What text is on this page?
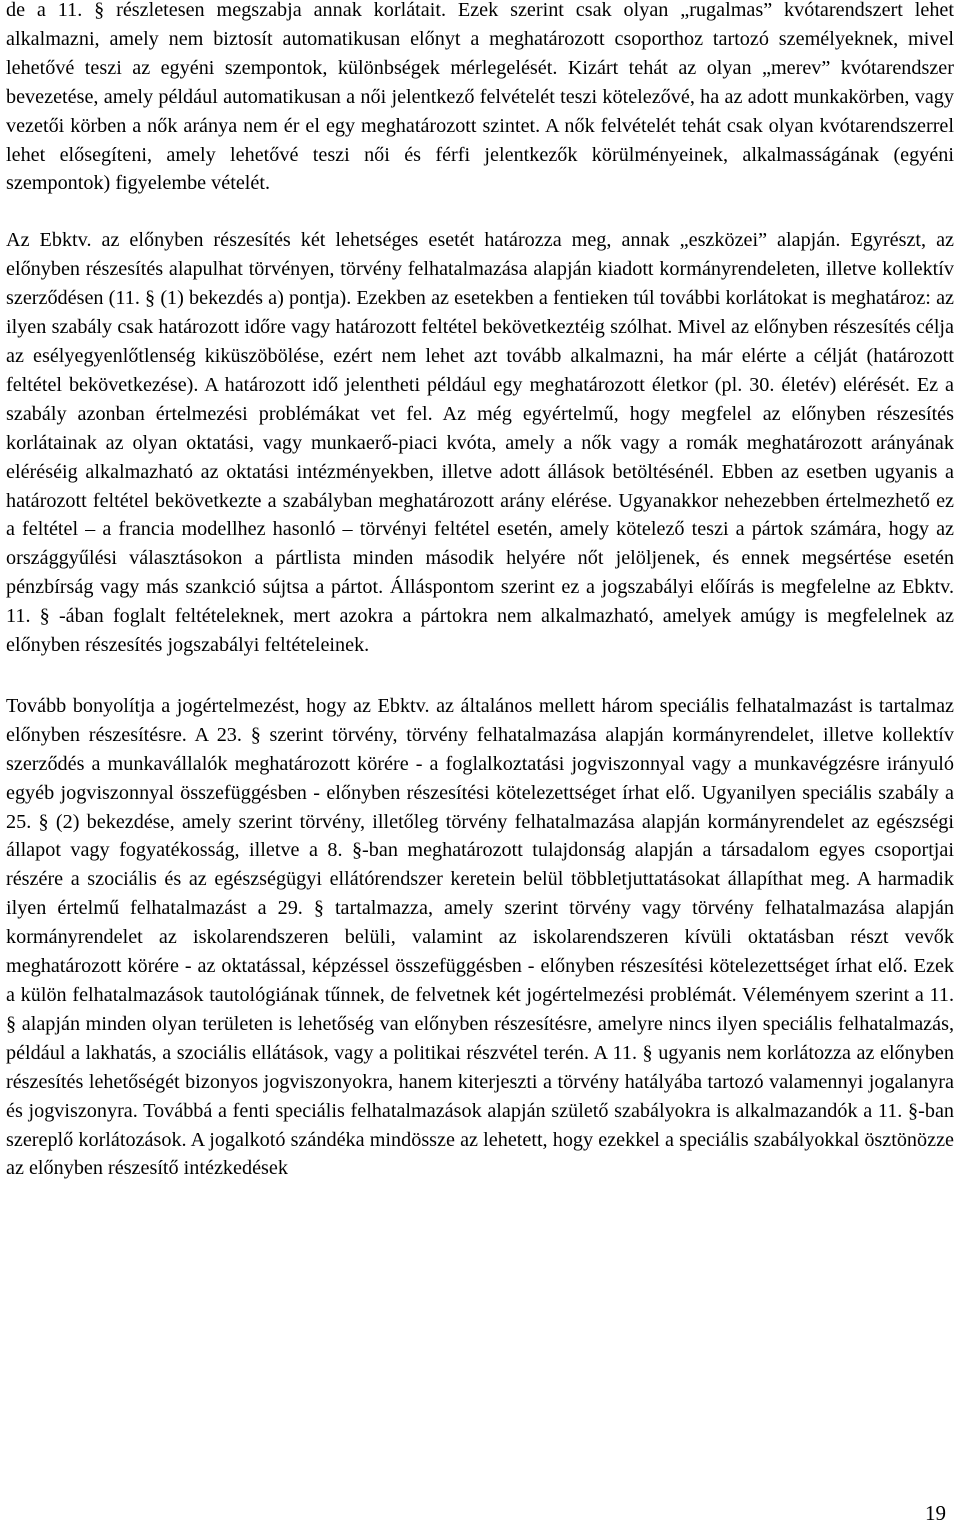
de a 11. § részletesen megszabja annak korlátait. Ezek szerint csak olyan „rugalmas” kvótarendszert lehet alkalmazni, amely nem biztosít automatikusan előnyt a meghatározott csoporthoz tartozó személyeknek, mivel lehetővé teszi az egyéni szempontok, különbségek mérlegelését. Kizárt tehát az olyan „merev” kvótarendszer bevezetése, amely például automatikusan a női jelentkező felvételét teszi kötelezővé, ha az adott munkakörben, vagy vezetői körben a nők aránya nem ér el egy meghatározott szintet. A nők felvételét tehát csak olyan kvótarendszerrel lehet elősegíteni, amely lehetővé teszi női és férfi jelentkezők körülményeinek, alkalmasságának (egyéni szempontok) figyelembe vételét.

Az Ebktv. az előnyben részesítés két lehetséges esetét határozza meg, annak „eszközei” alapján. Egyrészt, az előnyben részesítés alapulhat törvényen, törvény felhatalmazása alapján kiadott kormányrendeleten, illetve kollektív szerződésen (11. § (1) bekezdés a) pontja). Ezekben az esetekben a fentieken túl további korlátokat is meghatároz: az ilyen szabály csak határozott időre vagy határozott feltétel bekövetkeztéig szólhat. Mivel az előnyben részesítés célja az esélyegyenlőtlenség kiküszöbölése, ezért nem lehet azt tovább alkalmazni, ha már elérte a célját (határozott feltétel bekövetkezése). A határozott idő jelentheti például egy meghatározott életkor (pl. 30. életév) elérését. Ez a szabály azonban értelmezési problémákat vet fel. Az még egyértelmű, hogy megfelel az előnyben részesítés korlátainak az olyan oktatási, vagy munkaerő-piaci kvóta, amely a nők vagy a romák meghatározott arányának eléréséig alkalmazható az oktatási intézményekben, illetve adott állások betöltésénél. Ebben az esetben ugyanis a határozott feltétel bekövetkezte a szabályban meghatározott arány elérése. Ugyanakkor nehezebben értelmezhető ez a feltétel – a francia modellhez hasonló – törvényi feltétel esetén, amely kötelező teszi a pártok számára, hogy az országgyűlési választásokon a pártlista minden második helyére nőt jelöljenek, és ennek megsértése esetén pénzbírság vagy más szankció sújtsa a pártot. Álláspontom szerint ez a jogszabályi előírás is megfelelne az Ebktv. 11. § -ában foglalt feltételeknek, mert azokra a pártokra nem alkalmazható, amelyek amúgy is megfelelnek az előnyben részesítés jogszabályi feltételeinek.

Tovább bonyolítja a jogértelmezést, hogy az Ebktv. az általános mellett három speciális felhatalmazást is tartalmaz előnyben részesítésre. A 23. § szerint törvény, törvény felhatalmazása alapján kormányrendelet, illetve kollektív szerződés a munkavállalók meghatározott körére - a foglalkoztatási jogviszonnyal vagy a munkavégzésre irányuló egyéb jogviszonnyal összefüggésben - előnyben részesítési kötelezettséget írhat elő. Ugyanilyen speciális szabály a 25. § (2) bekezdése, amely szerint törvény, illetőleg törvény felhatalmazása alapján kormányrendelet az egészségi állapot vagy fogyatékosság, illetve a 8. §-ban meghatározott tulajdonság alapján a társadalom egyes csoportjai részére a szociális és az egészségügyi ellátórendszer keretein belül többletjuttatásokat állapíthat meg. A harmadik ilyen értelmű felhatalmazást a 29. § tartalmazza, amely szerint törvény vagy törvény felhatalmazása alapján kormányrendelet az iskolarendszeren belüli, valamint az iskolarendszeren kívüli oktatásban részt vevők meghatározott körére - az oktatással, képzéssel összefüggésben - előnyben részesítési kötelezettséget írhat elő. Ezek a külön felhatalmazások tautológiának tűnnek, de felvetnek két jogértelmezési problémát. Véleményem szerint a 11. § alapján minden olyan területen is lehetőség van előnyben részesítésre, amelyre nincs ilyen speciális felhatalmazás, például a lakhatás, a szociális ellátások, vagy a politikai részvétel terén. A 11. § ugyanis nem korlátozza az előnyben részesítés lehetőségét bizonyos jogviszonyokra, hanem kiterjeszti a törvény hatályába tartozó valamennyi jogalanyra és jogviszonyra. Továbbá a fenti speciális felhatalmazások alapján születő szabályokra is alkalmazandók a 11. §-ban szereplő korlátozások. A jogalkotó szándéka mindössze az lehetett, hogy ezekkel a speciális szabályokkal ösztönözze az előnyben részesítő intézkedések

19
